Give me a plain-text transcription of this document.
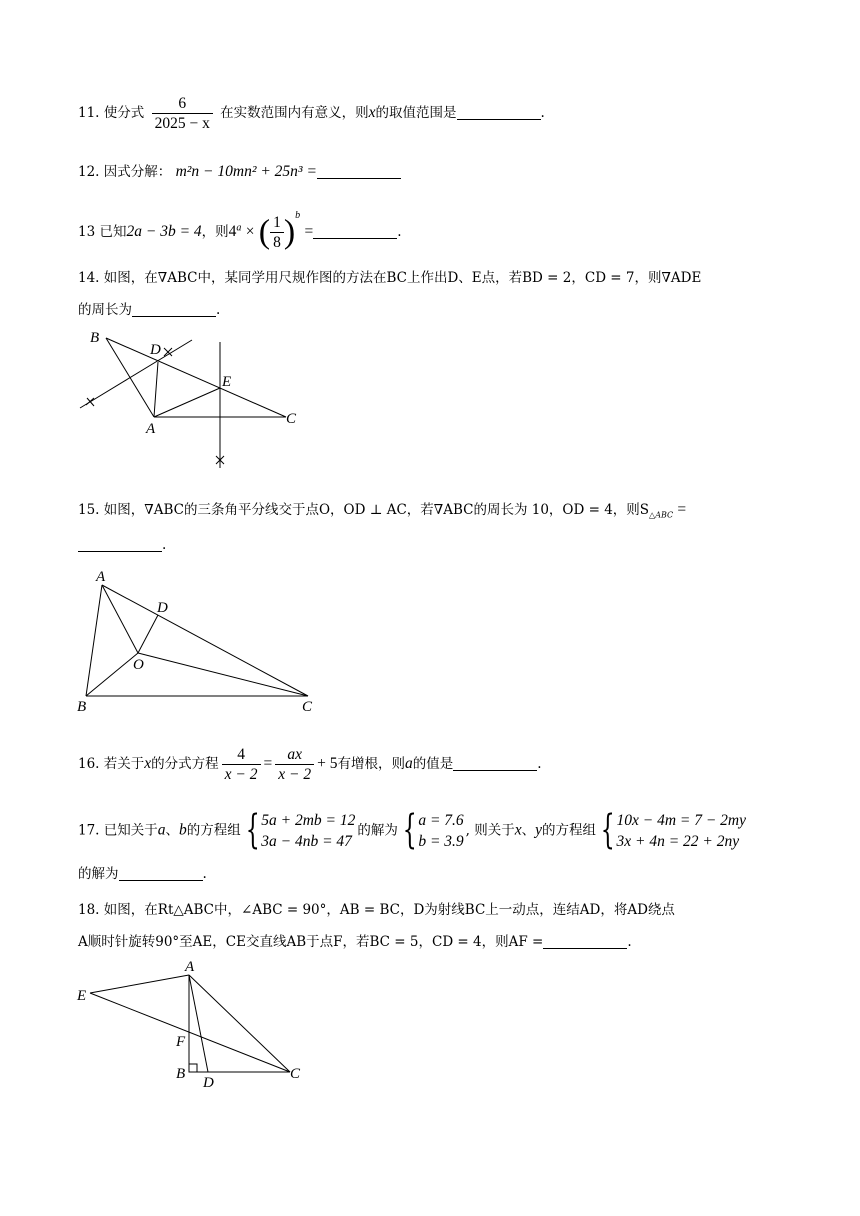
11. 使分式 $\frac{6}{2025 - x}$ 在实数范围内有意义，则x的取值范围是	.
12. 因式分解： m²n − 10mn² + 25n³ =
13 已知2a − 3b = 4，则$4^a$ × ( $\frac{1}{8} )^b$ =	.
14. 如图，在∇ABC中，某同学用尺规作图的方法在BC上作出D、E点，若BD = 2，CD = 7，则∇ADE
的周长为	.
B
D
E
A
C
15. 如图，∇ABC的三条角平分线交于点O，OD ⊥ AC，若∇ABC的周长为 10，OD = 4，则$S_{\triangle ABC}$ =
.
A
D
O
B	C
16. 若关于x的分式方程 $\frac{4}{x - 2} = \frac{ax}{x - 2} + 5$有增根，则a的值是	.
17. 已知关于a、b的方程组 { 5a + 2mb = 12
3a − 4nb = 47
的解为 { a = 7.6
b = 3.9
, 则关于x、y的方程组 { 10x − 4m = 7 − 2my
3x + 4n = 22 + 2ny
的解为	.
18. 如图，在Rt△ABC中，∠ABC = 90°，AB = BC，D为射线BC上一动点，连结AD，将AD绕点
A顺时针旋转90°至AE，CE交直线AB于点F，若BC = 5，CD = 4，则AF =	.
A
E
F
B
D
C
